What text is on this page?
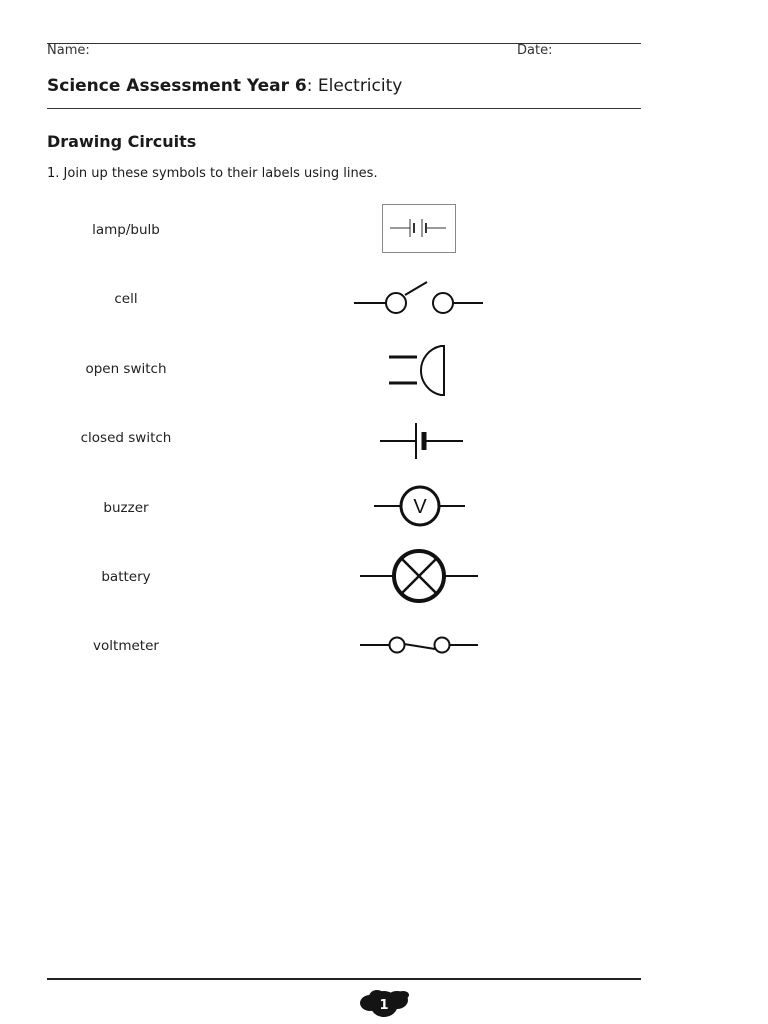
Name:	Date:
Science Assessment Year 6: Electricity
Drawing Circuits
1. Join up these symbols to their labels using lines.
lamp/bulb
cell
open switch
closed switch
buzzer
battery
voltmeter
V
1
